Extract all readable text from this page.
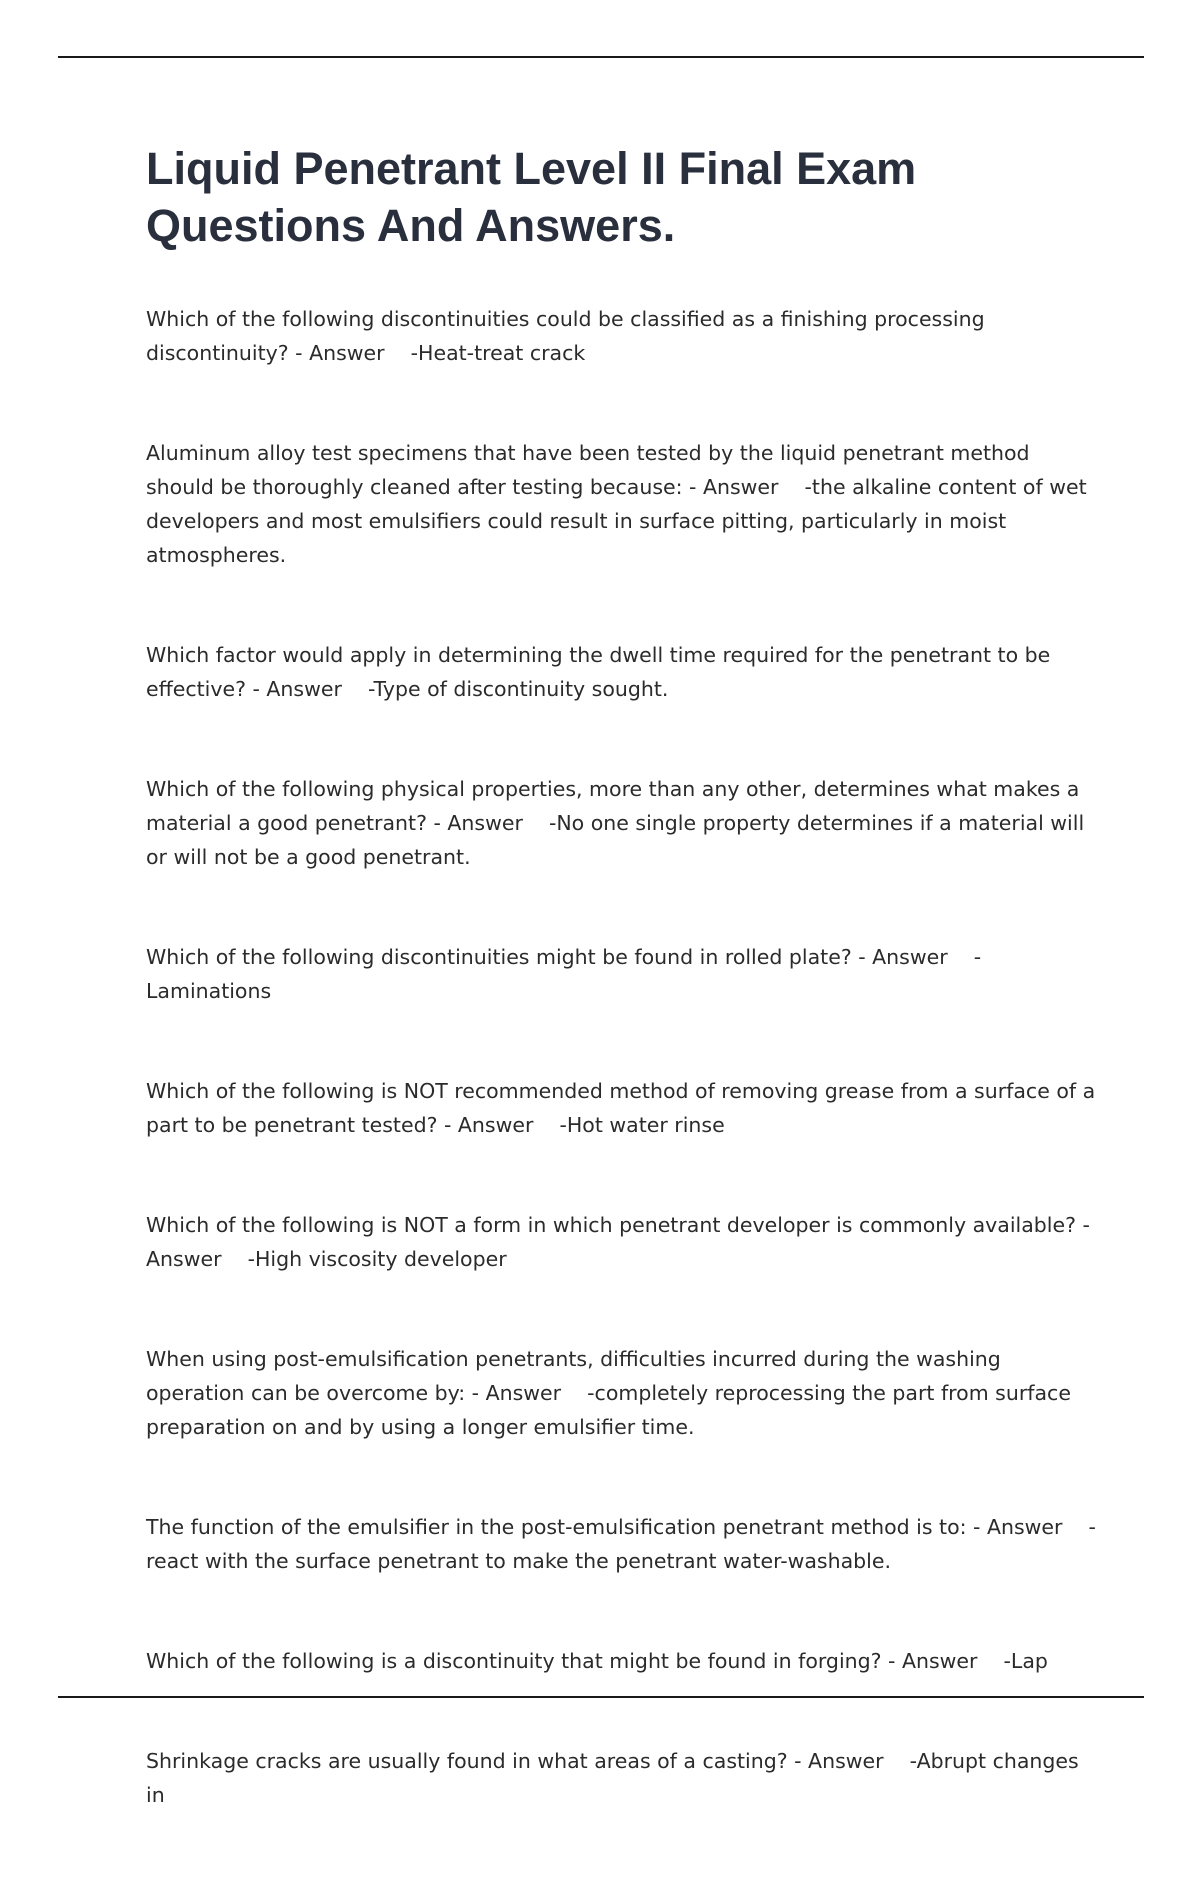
Liquid Penetrant Level II Final Exam Questions And Answers.

Which of the following discontinuities could be classified as a finishing processing discontinuity? - Answer    -Heat-treat crack

Aluminum alloy test specimens that have been tested by the liquid penetrant method should be thoroughly cleaned after testing because: - Answer    -the alkaline content of wet developers and most emulsifiers could result in surface pitting, particularly in moist atmospheres.

Which factor would apply in determining the dwell time required for the penetrant to be effective? - Answer    -Type of discontinuity sought.

Which of the following physical properties, more than any other, determines what makes a material a good penetrant? - Answer    -No one single property determines if a material will or will not be a good penetrant.

Which of the following discontinuities might be found in rolled plate? - Answer    -Laminations

Which of the following is NOT recommended method of removing grease from a surface of a part to be penetrant tested? - Answer    -Hot water rinse

Which of the following is NOT a form in which penetrant developer is commonly available? - Answer    -High viscosity developer

When using post-emulsification penetrants, difficulties incurred during the washing operation can be overcome by: - Answer    -completely reprocessing the part from surface preparation on and by using a longer emulsifier time.

The function of the emulsifier in the post-emulsification penetrant method is to: - Answer    -react with the surface penetrant to make the penetrant water-washable.

Which of the following is a discontinuity that might be found in forging? - Answer    -Lap

Shrinkage cracks are usually found in what areas of a casting? - Answer    -Abrupt changes in
